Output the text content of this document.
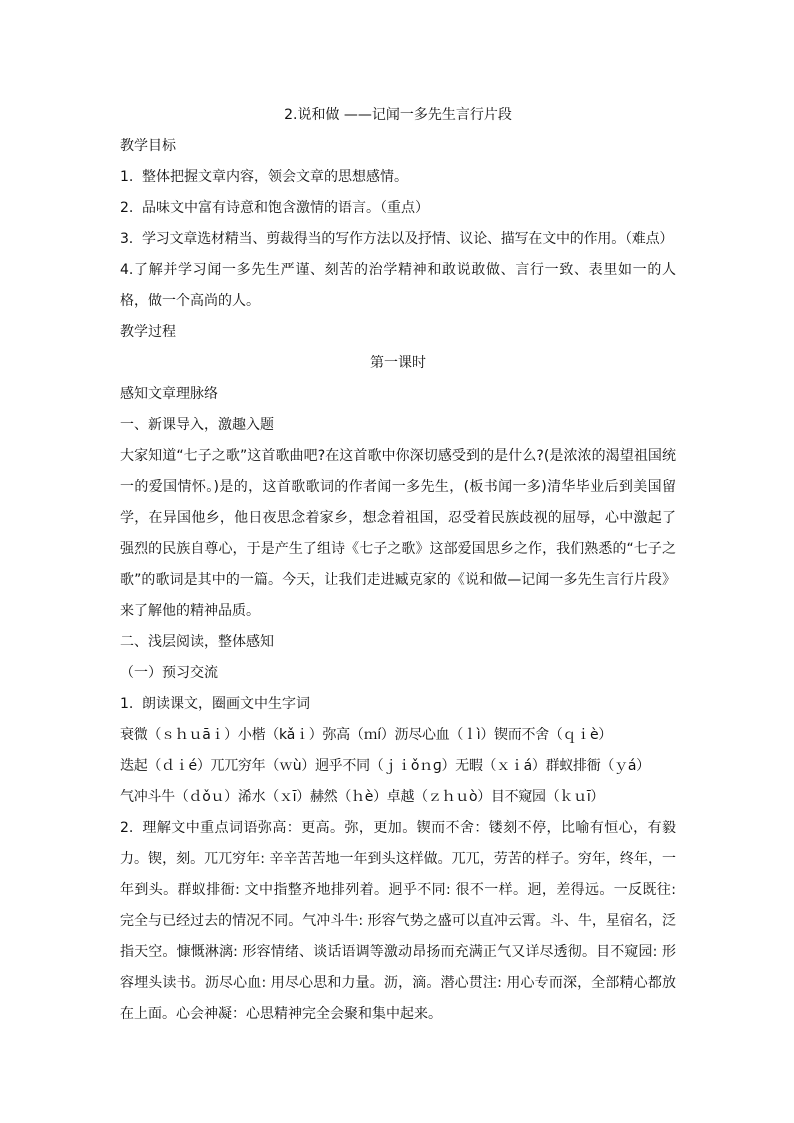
2.说和做 ——记闻一多先生言行片段

教学目标

1. 整体把握文章内容，领会文章的思想感情。

2. 品味文中富有诗意和饱含激情的语言。（重点）

3. 学习文章选材精当、剪裁得当的写作方法以及抒情、议论、描写在文中的作用。（难点）

4.了解并学习闻一多先生严谨、刻苦的治学精神和敢说敢做、言行一致、表里如一的人格，做一个高尚的人。

教学过程

第一课时

感知文章理脉络

一、新课导入，激趣入题

大家知道“七子之歌”这首歌曲吧?在这首歌中你深切感受到的是什么?(是浓浓的渴望祖国统一的爱国情怀。)是的，这首歌歌词的作者闻一多先生，(板书闻一多)清华毕业后到美国留学，在异国他乡，他日夜思念着家乡，想念着祖国，忍受着民族歧视的屈辱，心中激起了强烈的民族自尊心，于是产生了组诗《七子之歌》这部爱国思乡之作，我们熟悉的“七子之歌”的歌词是其中的一篇。今天，让我们走进臧克家的《说和做—记闻一多先生言行片段》来了解他的精神品质。

二、浅层阅读，整体感知

（一）预习交流

1. 朗读课文，圈画文中生字词

衰微（ｓｈｕāｉ）小楷（kǎｉ）弥高（ｍí）沥尽心血（ｌì）锲而不舍（ｑｉè）

迭起（ｄｉé）兀兀穷年（ｗù）迥乎不同（ｊｉǒｎɡ）无暇（ｘｉá）群蚁排衙（ｙá）

气冲斗牛（ｄǒｕ）浠水（ｘī）赫然（ｈè）卓越（ｚｈｕò）目不窥园（ｋｕī）

2. 理解文中重点词语弥高：更高。弥，更加。锲而不舍：镂刻不停，比喻有恒心，有毅力。锲，刻。兀兀穷年: 辛辛苦苦地一年到头这样做。兀兀，劳苦的样子。穷年，终年，一年到头。群蚁排衙: 文中指整齐地排列着。迥乎不同: 很不一样。迥，差得远。一反既往: 完全与已经过去的情况不同。气冲斗牛: 形容气势之盛可以直冲云霄。斗、牛，星宿名，泛指天空。慷慨淋漓: 形容情绪、谈话语调等激动昂扬而充满正气又详尽透彻。目不窥园: 形容埋头读书。沥尽心血: 用尽心思和力量。沥，滴。潜心贯注: 用心专而深，全部精心都放在上面。心会神凝：心思精神完全会聚和集中起来。
